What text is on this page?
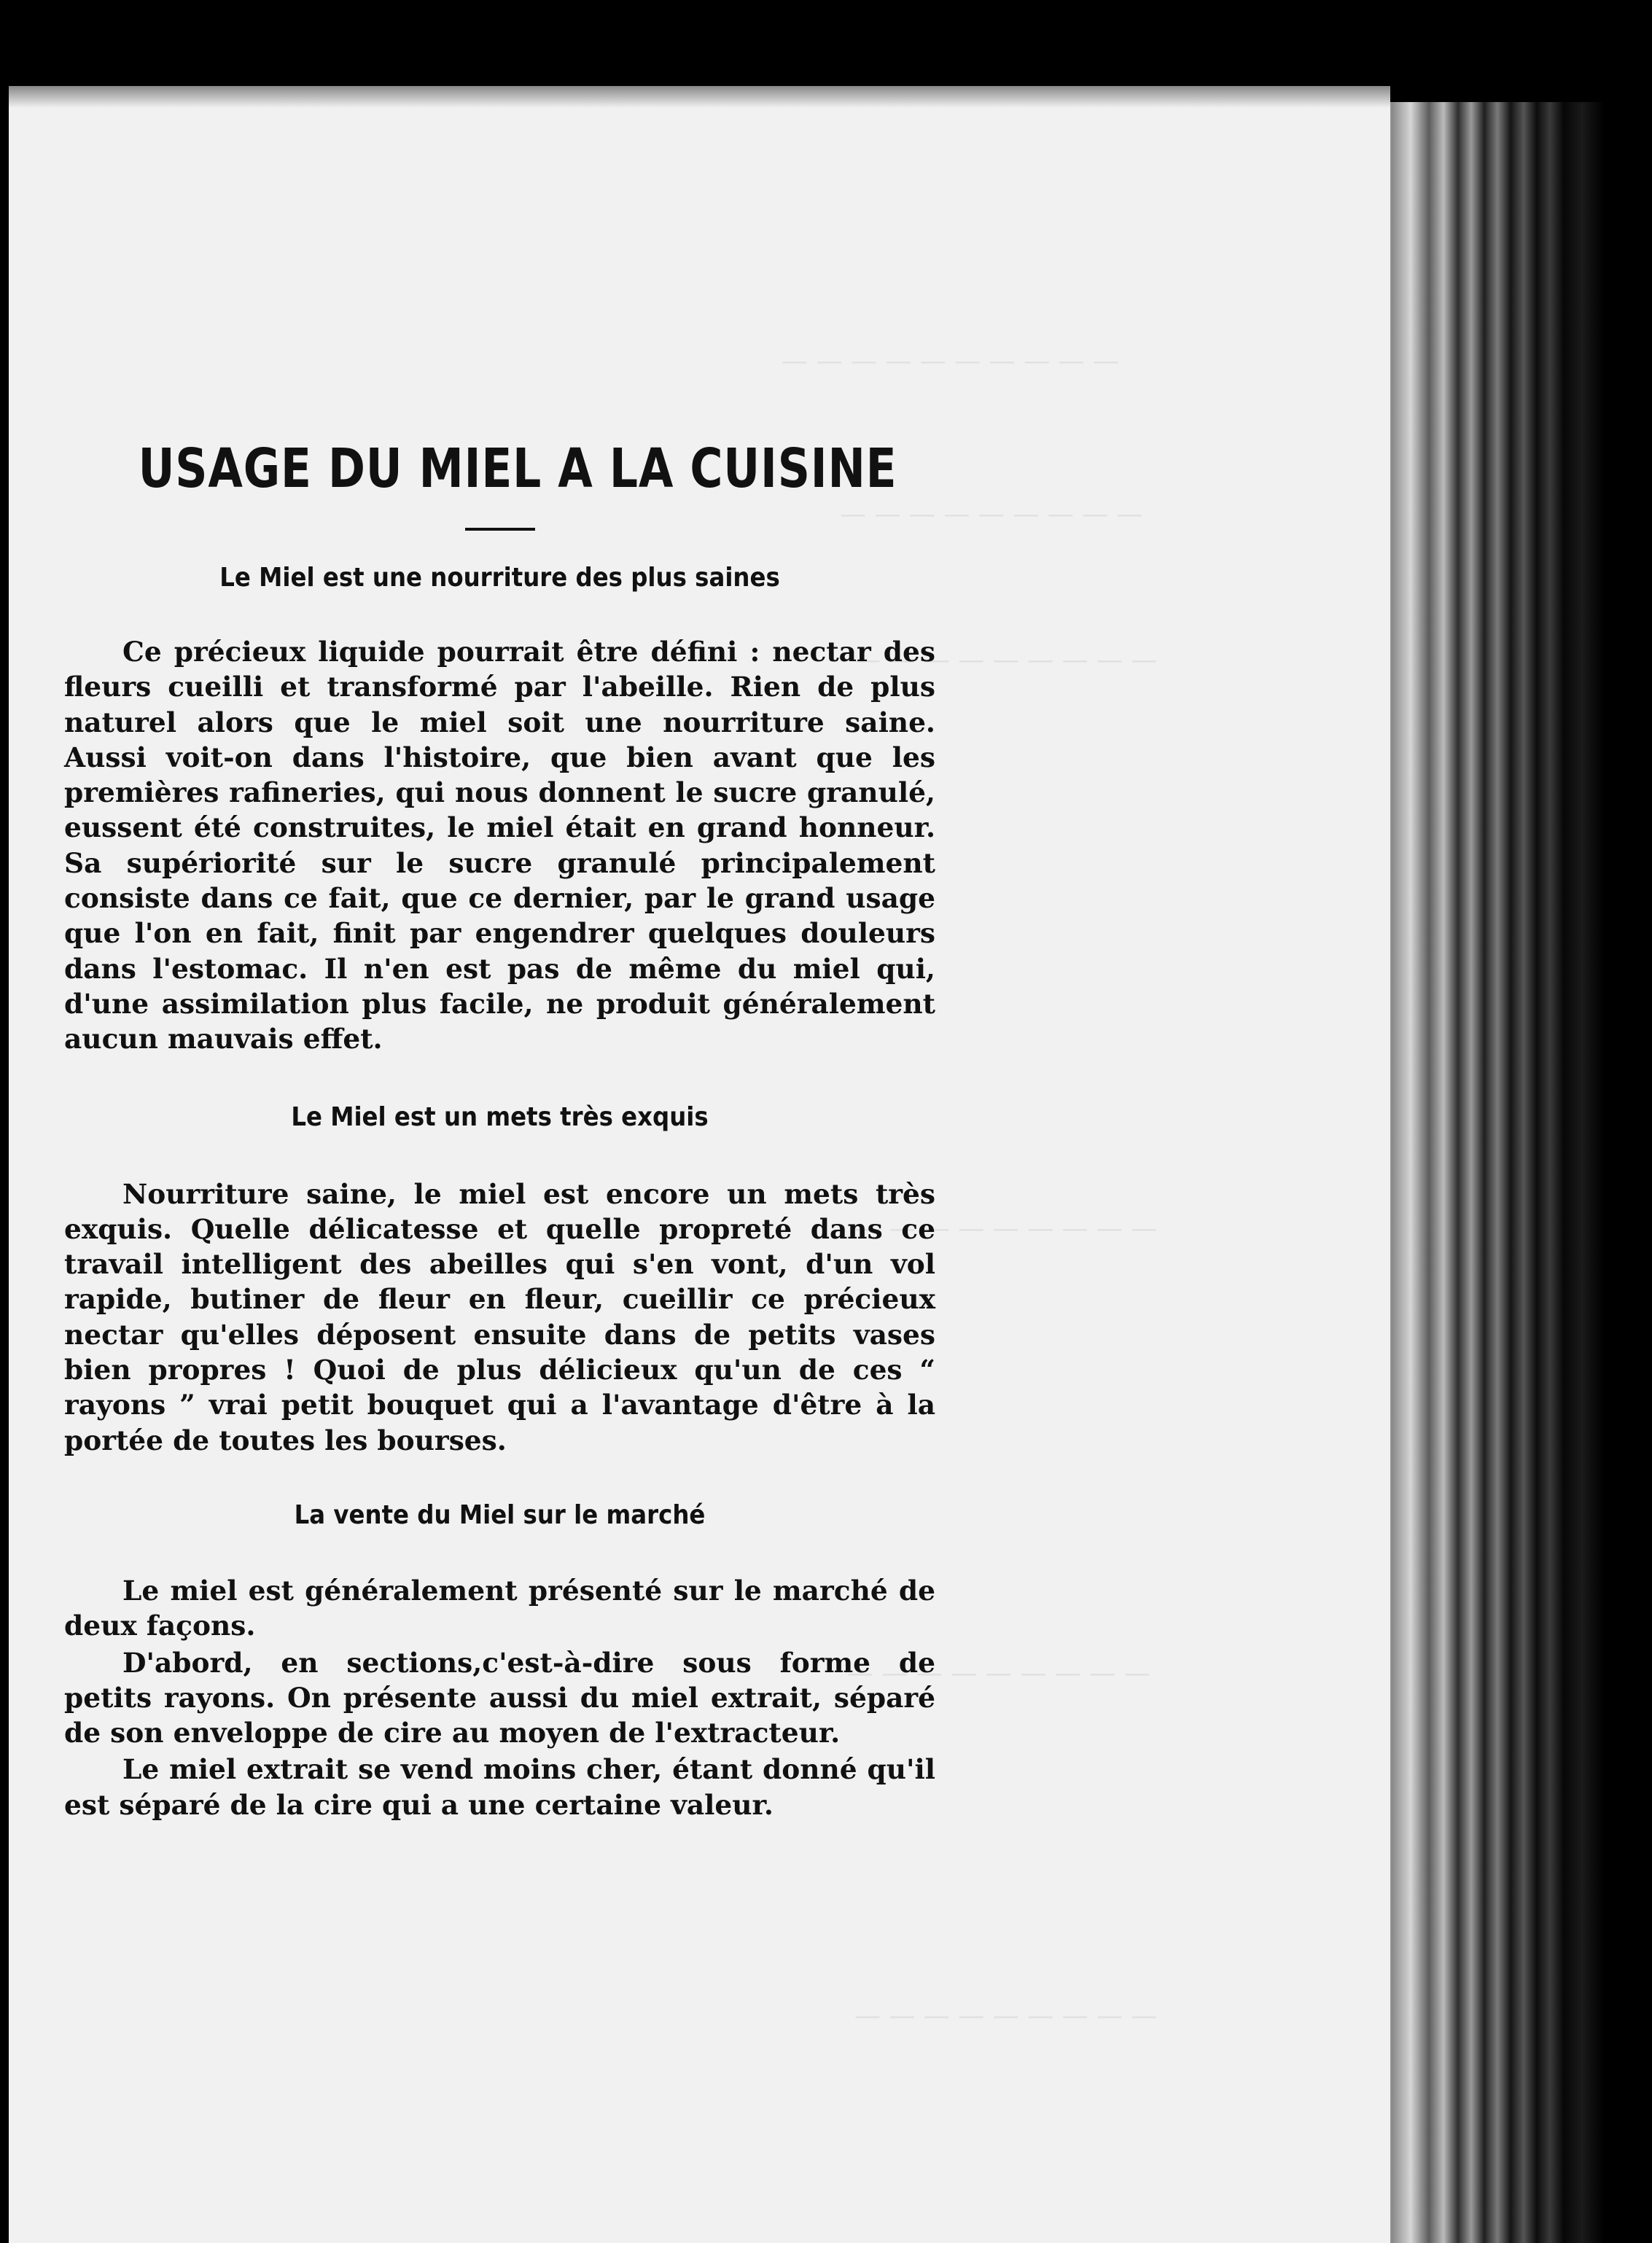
— — — — — — — — — —
— — — — — — — — —
— — — — — — — — —
— — — — — — — — —
— — — — — — — — —
— — — — — — — — —
USAGE DU MIEL A LA CUISINE
Le Miel est une nourriture des plus saines

Ce précieux liquide pourrait être défini : nectar des fleurs cueilli et transformé par l'abeille. Rien de plus naturel alors que le miel soit une nourriture saine. Aussi voit-on dans l'histoire, que bien avant que les premières rafineries, qui nous donnent le sucre granulé, eussent été construites, le miel était en grand honneur. Sa supériorité sur le sucre granulé principalement consiste dans ce fait, que ce dernier, par le grand usage que l'on en fait, finit par engendrer quelques douleurs dans l'estomac. Il n'en est pas de même du miel qui, d'une assimilation plus facile, ne produit généralement aucun mauvais effet.

Le Miel est un mets très exquis

Nourriture saine, le miel est encore un mets très exquis. Quelle délicatesse et quelle propreté dans ce travail intelligent des abeilles qui s'en vont, d'un vol rapide, butiner de fleur en fleur, cueillir ce précieux nectar qu'elles déposent ensuite dans de petits vases bien propres ! Quoi de plus délicieux qu'un de ces “ rayons ” vrai petit bouquet qui a l'avantage d'être à la portée de toutes les bourses.

La vente du Miel sur le marché

Le miel est généralement présenté sur le marché de deux façons.

D'abord, en sections,c'est-à-dire sous forme de petits rayons. On présente aussi du miel extrait, séparé de son enveloppe de cire au moyen de l'extracteur.

Le miel extrait se vend moins cher, étant donné qu'il est séparé de la cire qui a une certaine valeur.
